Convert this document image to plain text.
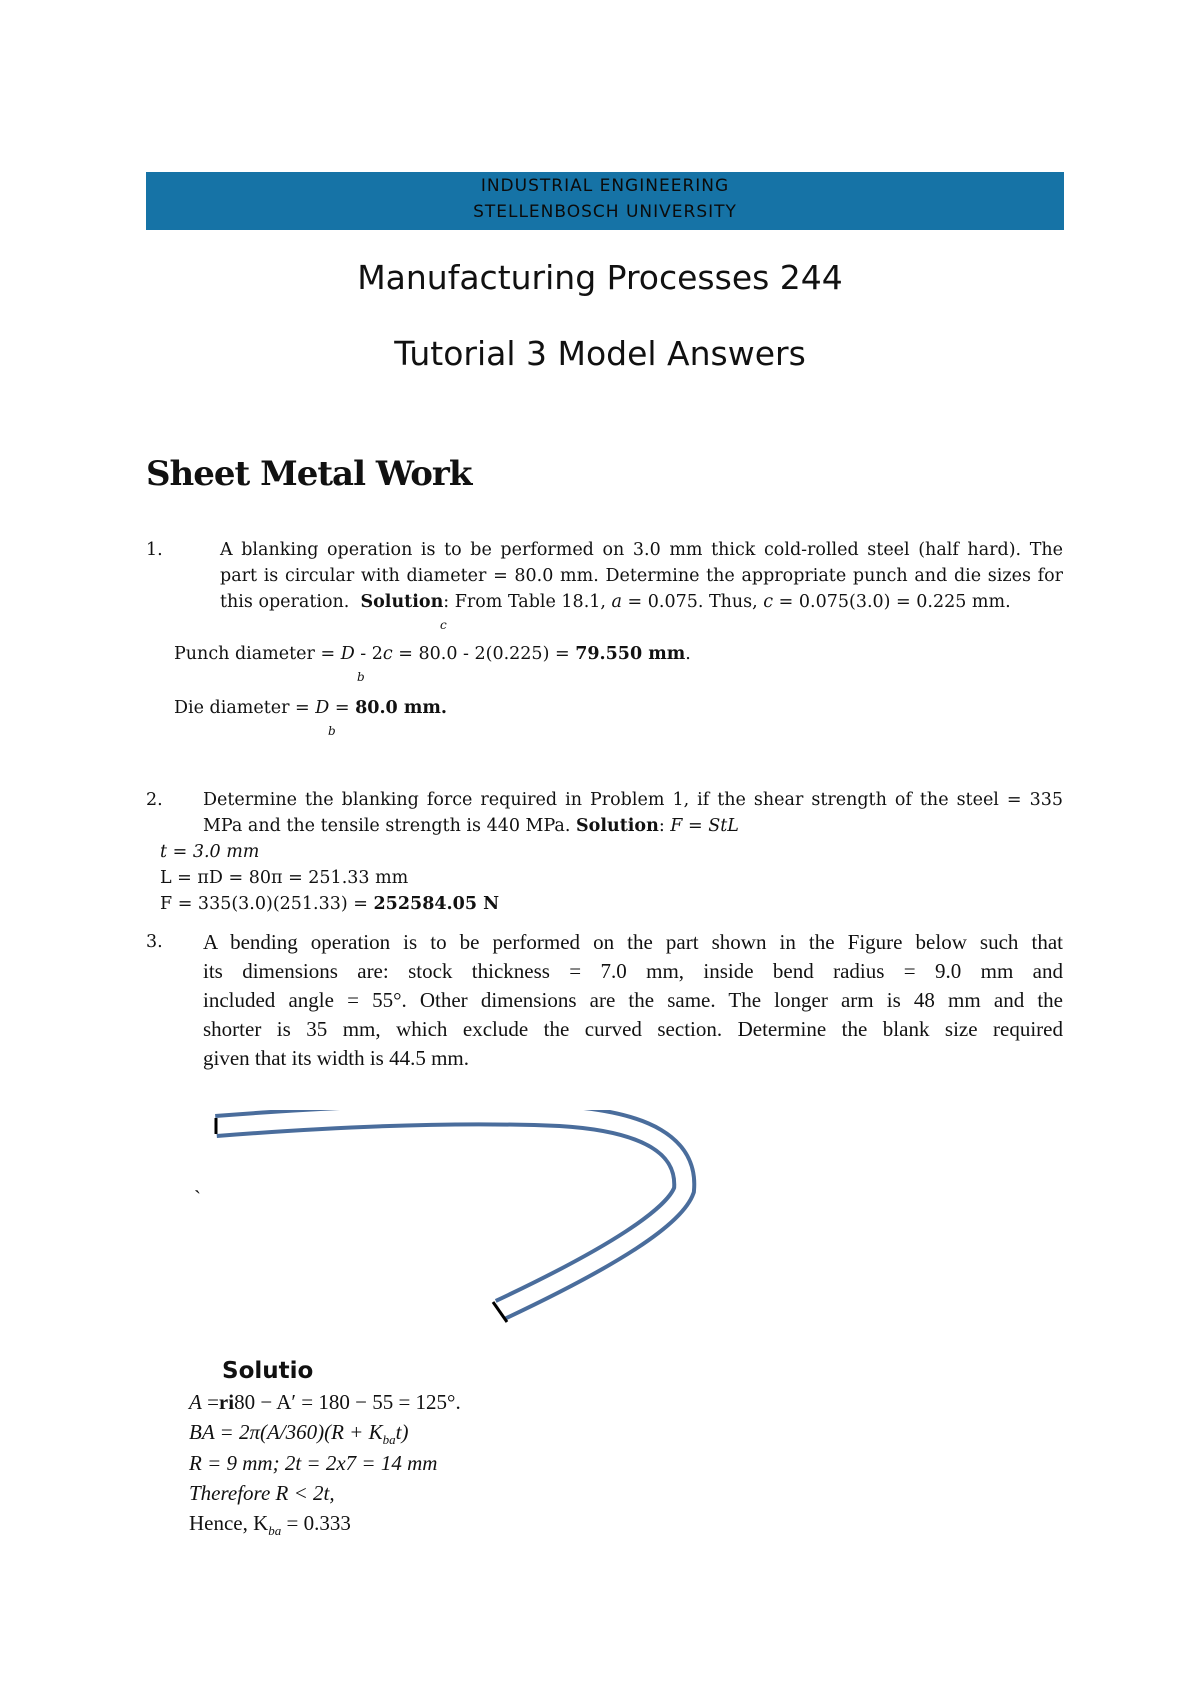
INDUSTRIAL ENGINEERING
STELLENBOSCH UNIVERSITY
Manufacturing Processes 244
Tutorial 3 Model Answers
Sheet Metal Work
1.	A blanking operation is to be performed on 3.0 mm thick cold-rolled steel (half hard). The
part is circular with diameter = 80.0 mm. Determine the appropriate punch and die sizes for
this operation. Solution: From Table 18.1, a = 0.075. Thus, c = 0.075(3.0) = 0.225 mm.
c
Punch diameter = D - 2c = 80.0 - 2(0.225) = 79.550 mm.
b
Die diameter = D = 80.0 mm.
b
2. Determine the blanking force required in Problem 1, if the shear strength of the steel = 335
MPa and the tensile strength is 440 MPa. Solution: F = StL
t = 3.0 mm
L = πD = 80π = 251.33 mm
F = 335(3.0)(251.33) = 252584.05 N
3. A bending operation is to be performed on the part shown in the Figure below such that
its dimensions are: stock thickness = 7.0 mm, inside bend radius = 9.0 mm and
included angle = 55°. Other dimensions are the same. The longer arm is 48 mm and the
shorter is 35 mm, which exclude the curved section. Determine the blank size required
given that its width is 44.5 mm.
`
Solutio
A =ri80 − A′ = 180 − 55 = 125°.
BA = $2\pi(A/360)(R + K_{ba}t)$
R = 9 mm; 2t = 2x7 = 14 mm
Therefore R < 2t,
Hence, $K_{ba} = 0.333$
